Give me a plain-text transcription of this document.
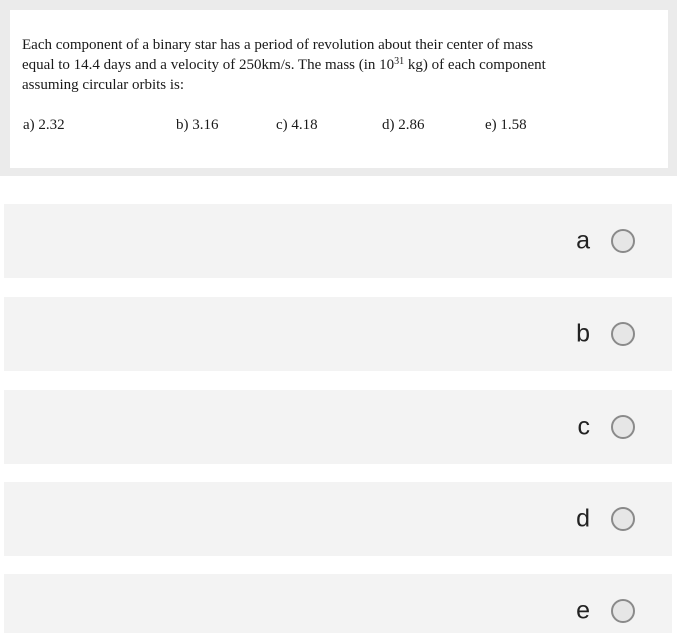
Each component of a binary star has a period of revolution about their center of mass
equal to 14.4 days and a velocity of 250km/s. The mass (in $10^{31}$ kg) of each component
assuming circular orbits is:

a) 2.32	b) 3.16	c) 4.18	d) 2.86	e) 1.58
a
b
c
d
e
